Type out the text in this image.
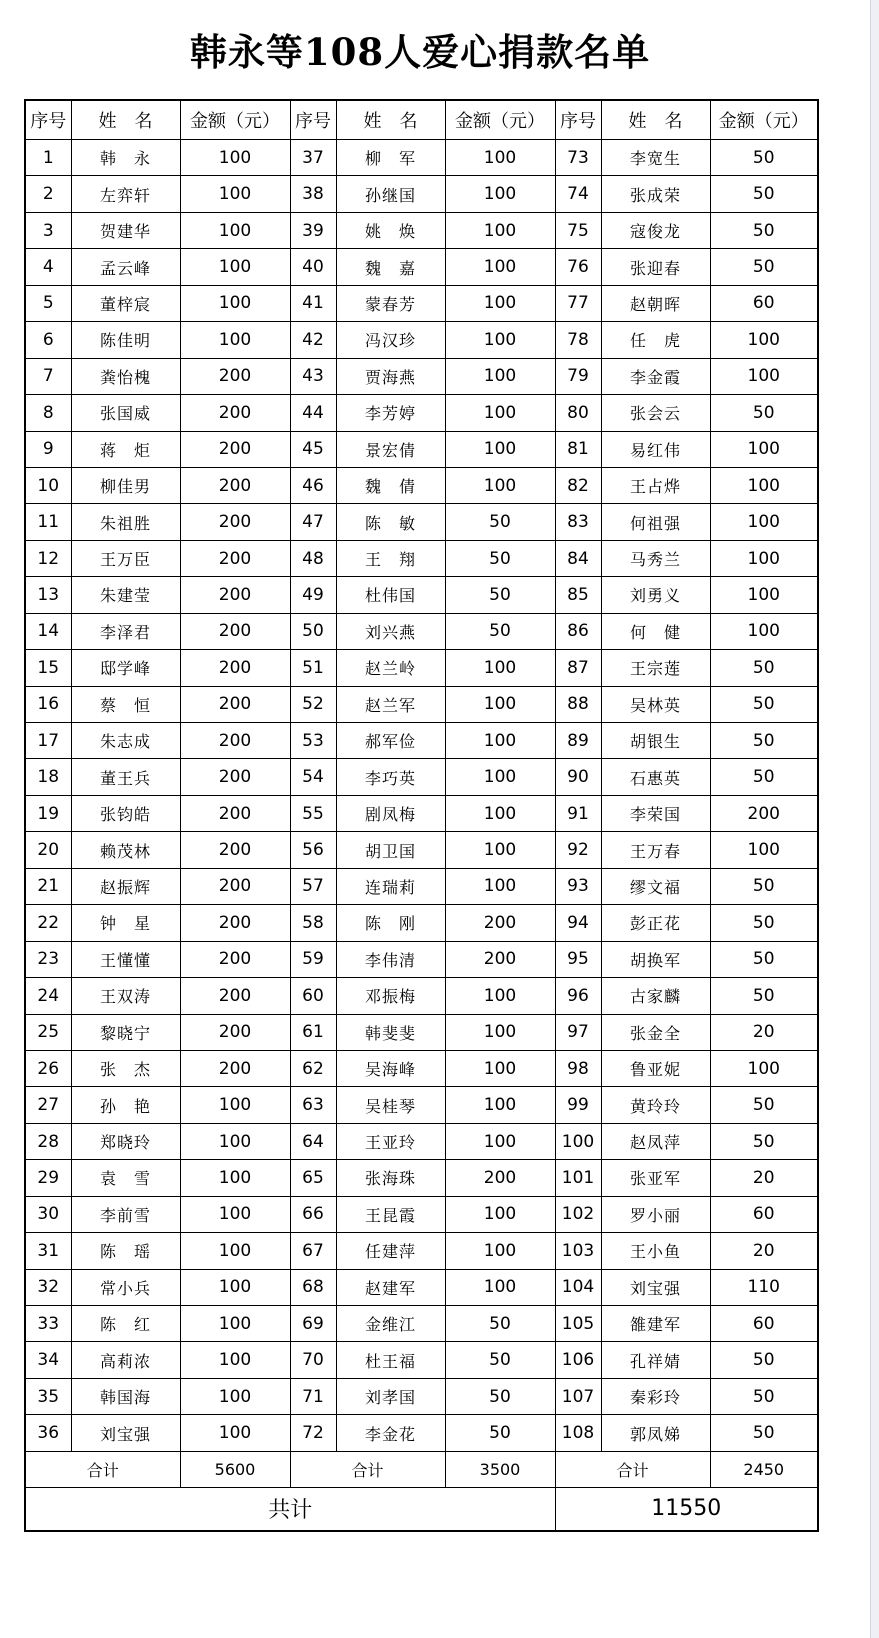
韩永等108人爱心捐款名单
序号	姓　名	金额（元）	序号	姓　名	金额（元）	序号	姓　名	金额（元）
1	韩　永	100	37	柳　军	100	73	李宽生	50
2	左弈轩	100	38	孙继国	100	74	张成荣	50
3	贺建华	100	39	姚　焕	100	75	寇俊龙	50
4	孟云峰	100	40	魏　嘉	100	76	张迎春	50
5	董梓宸	100	41	蒙春芳	100	77	赵朝晖	60
6	陈佳明	100	42	冯汉珍	100	78	任　虎	100
7	粪怡槐	200	43	贾海燕	100	79	李金霞	100
8	张国威	200	44	李芳婷	100	80	张会云	50
9	蒋　炬	200	45	景宏倩	100	81	易红伟	100
10	柳佳男	200	46	魏　倩	100	82	王占烨	100
11	朱祖胜	200	47	陈　敏	50	83	何祖强	100
12	王万臣	200	48	王　翔	50	84	马秀兰	100
13	朱建莹	200	49	杜伟国	50	85	刘勇义	100
14	李泽君	200	50	刘兴燕	50	86	何　健	100
15	邸学峰	200	51	赵兰岭	100	87	王宗莲	50
16	蔡　恒	200	52	赵兰军	100	88	吴林英	50
17	朱志成	200	53	郝军俭	100	89	胡银生	50
18	董王兵	200	54	李巧英	100	90	石惠英	50
19	张钧皓	200	55	剧凤梅	100	91	李荣国	200
20	赖茂林	200	56	胡卫国	100	92	王万春	100
21	赵振辉	200	57	连瑞莉	100	93	缪文福	50
22	钟　星	200	58	陈　刚	200	94	彭正花	50
23	王懂懂	200	59	李伟清	200	95	胡换军	50
24	王双涛	200	60	邓振梅	100	96	古家麟	50
25	黎晓宁	200	61	韩斐斐	100	97	张金全	20
26	张　杰	200	62	吴海峰	100	98	鲁亚妮	100
27	孙　艳	100	63	吴桂琴	100	99	黄玲玲	50
28	郑晓玲	100	64	王亚玲	100	100	赵凤萍	50
29	袁　雪	100	65	张海珠	200	101	张亚军	20
30	李前雪	100	66	王昆霞	100	102	罗小丽	60
31	陈　瑶	100	67	任建萍	100	103	王小鱼	20
32	常小兵	100	68	赵建军	100	104	刘宝强	110
33	陈　红	100	69	金维江	50	105	雒建军	60
34	高莉浓	100	70	杜王福	50	106	孔祥婧	50
35	韩国海	100	71	刘孝国	50	107	秦彩玲	50
36	刘宝强	100	72	李金花	50	108	郭凤娣	50
合计		5600	合计		3500	合计		2450
共计						11550		
